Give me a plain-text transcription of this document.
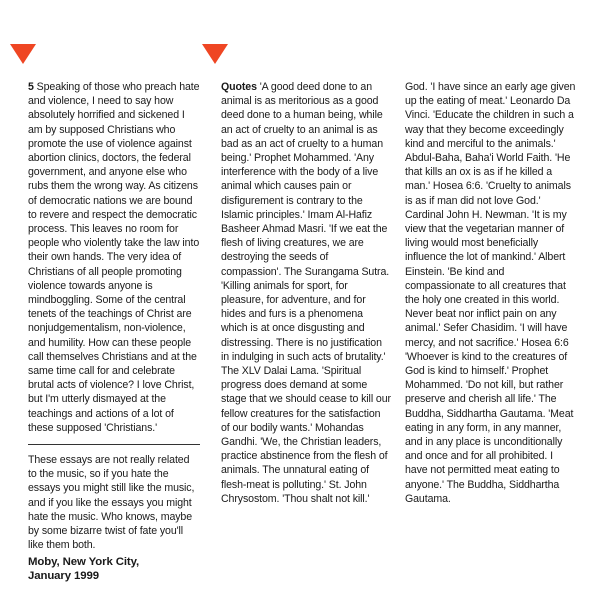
5 Speaking of those who preach hate and violence, I need to say how absolutely horrified and sickened I am by supposed Christians who promote the use of violence against abortion clinics, doctors, the federal government, and anyone else who rubs them the wrong way. As citizens of democratic nations we are bound to revere and respect the democratic process. This leaves no room for people who violently take the law into their own hands. The very idea of Christians of all people promoting violence towards anyone is mindboggling. Some of the central tenets of the teachings of Christ are nonjudgementalism, non-violence, and humility. How can these people call themselves Christians and at the same time call for and celebrate brutal acts of violence? I love Christ, but I'm utterly dismayed at the teachings and actions of a lot of these supposed 'Christians.'

These essays are not really related to the music, so if you hate the essays you might still like the music, and if you like the essays you might hate the music. Who knows, maybe by some bizarre twist of fate you'll like them both.

Moby, New York City,
January 1999

Quotes 'A good deed done to an animal is as meritorious as a good deed done to a human being, while an act of cruelty to an animal is as bad as an act of cruelty to a human being.' Prophet Mohammed. 'Any interference with the body of a live animal which causes pain or disfigurement is contrary to the Islamic principles.' Imam Al-Hafiz Basheer Ahmad Masri. 'If we eat the flesh of living creatures, we are destroying the seeds of compassion'. The Surangama Sutra. 'Killing animals for sport, for pleasure, for adventure, and for hides and furs is a phenomena which is at once disgusting and distressing. There is no justification in indulging in such acts of brutality.' The XLV Dalai Lama. 'Spiritual progress does demand at some stage that we should cease to kill our fellow creatures for the satisfaction of our bodily wants.' Mohandas Gandhi. 'We, the Christian leaders, practice abstinence from the flesh of animals. The unnatural eating of flesh-meat is polluting.' St. John Chrysostom. 'Thou shalt not kill.'

God. 'I have since an early age given up the eating of meat.' Leonardo Da Vinci. 'Educate the children in such a way that they become exceedingly kind and merciful to the animals.' Abdul-Baha, Baha'i World Faith. 'He that kills an ox is as if he killed a man.' Hosea 6:6. 'Cruelty to animals is as if man did not love God.' Cardinal John H. Newman. 'It is my view that the vegetarian manner of living would most beneficially influence the lot of mankind.' Albert Einstein. 'Be kind and compassionate to all creatures that the holy one created in this world. Never beat nor inflict pain on any animal.' Sefer Chasidim. 'I will have mercy, and not sacrifice.' Hosea 6:6 'Whoever is kind to the creatures of God is kind to himself.' Prophet Mohammed. 'Do not kill, but rather preserve and cherish all life.' The Buddha, Siddhartha Gautama. 'Meat eating in any form, in any manner, and in any place is unconditionally and once and for all prohibited. I have not permitted meat eating to anyone.' The Buddha, Siddhartha Gautama.
